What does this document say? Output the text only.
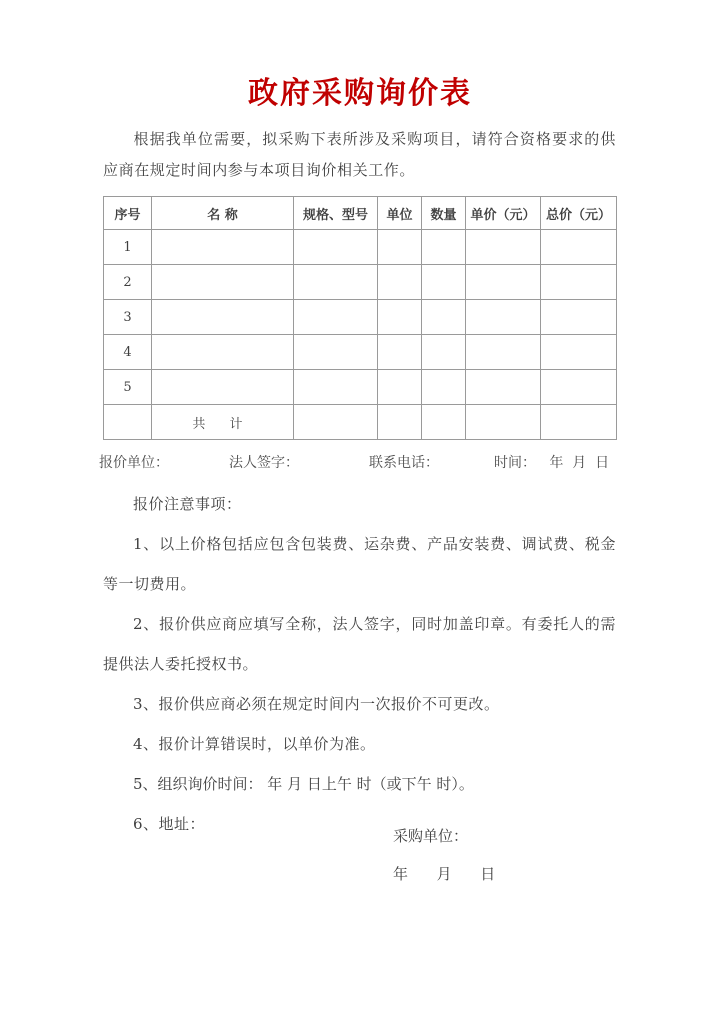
政府采购询价表
根据我单位需要，拟采购下表所涉及采购项目，请符合资格要求的供应商在规定时间内参与本项目询价相关工作。
序号	名 称	规格、型号	单位	数量	单价（元）	总价（元）
1						
2						
3						
4						
5						
	共 计					
报价单位：	法人签字：	联系电话：	时间：   年  月  日

报价注意事项：

1、以上价格包括应包含包装费、运杂费、产品安装费、调试费、税金等一切费用。

2、报价供应商应填写全称，法人签字，同时加盖印章。有委托人的需提供法人委托授权书。

3、报价供应商必须在规定时间内一次报价不可更改。

4、报价计算错误时，以单价为准。

5、组织询价时间： 年 月 日上午 时（或下午 时）。

6、地址：

采购单位：
年      月      日
